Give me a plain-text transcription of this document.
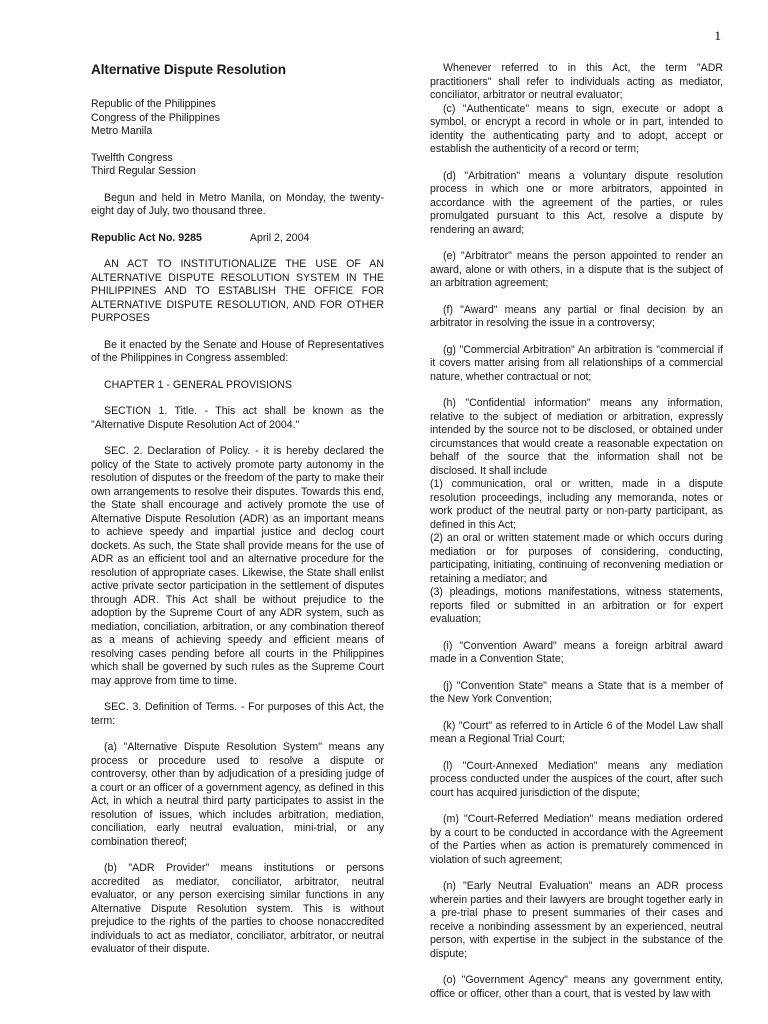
1
Alternative Dispute Resolution
Republic of the Philippines
Congress of the Philippines
Metro Manila
Twelfth Congress
Third Regular Session

Begun and held in Metro Manila, on Monday, the twenty-eight day of July, two thousand three.

Republic Act No. 9285	April 2, 2004

AN ACT TO INSTITUTIONALIZE THE USE OF AN ALTERNATIVE DISPUTE RESOLUTION SYSTEM IN THE PHILIPPINES AND TO ESTABLISH THE OFFICE FOR ALTERNATIVE DISPUTE RESOLUTION, AND FOR OTHER PURPOSES

Be it enacted by the Senate and House of Representatives of the Philippines in Congress assembled:

CHAPTER 1 - GENERAL PROVISIONS

SECTION 1. Title. - This act shall be known as the "Alternative Dispute Resolution Act of 2004."

SEC. 2. Declaration of Policy. - it is hereby declared the policy of the State to actively promote party autonomy in the resolution of disputes or the freedom of the party to make their own arrangements to resolve their disputes. Towards this end, the State shall encourage and actively promote the use of Alternative Dispute Resolution (ADR) as an important means to achieve speedy and impartial justice and declog court dockets. As such, the State shall provide means for the use of ADR as an efficient tool and an alternative procedure for the resolution of appropriate cases. Likewise, the State shall enlist active private sector participation in the settlement of disputes through ADR. This Act shall be without prejudice to the adoption by the Supreme Court of any ADR system, such as mediation, conciliation, arbitration, or any combination thereof as a means of achieving speedy and efficient means of resolving cases pending before all courts in the Philippines which shall be governed by such rules as the Supreme Court may approve from time to time.

SEC. 3. Definition of Terms. - For purposes of this Act, the term:

(a) "Alternative Dispute Resolution System" means any process or procedure used to resolve a dispute or controversy, other than by adjudication of a presiding judge of a court or an officer of a government agency, as defined in this Act, in which a neutral third party participates to assist in the resolution of issues, which includes arbitration, mediation, conciliation, early neutral evaluation, mini-trial, or any combination thereof;

(b) "ADR Provider" means institutions or persons accredited as mediator, conciliator, arbitrator, neutral evaluator, or any person exercising similar functions in any Alternative Dispute Resolution system. This is without prejudice to the rights of the parties to choose nonaccredited individuals to act as mediator, conciliator, arbitrator, or neutral evaluator of their dispute.

Whenever referred to in this Act, the term "ADR practitioners" shall refer to individuals acting as mediator, conciliator, arbitrator or neutral evaluator;

(c) "Authenticate" means to sign, execute or adopt a symbol, or encrypt a record in whole or in part, intended to identity the authenticating party and to adopt, accept or establish the authenticity of a record or term;

(d) "Arbitration" means a voluntary dispute resolution process in which one or more arbitrators, appointed in accordance with the agreement of the parties, or rules promulgated pursuant to this Act, resolve a dispute by rendering an award;

(e) "Arbitrator" means the person appointed to render an award, alone or with others, in a dispute that is the subject of an arbitration agreement;

(f) "Award" means any partial or final decision by an arbitrator in resolving the issue in a controversy;

(g) "Commercial Arbitration" An arbitration is "commercial if it covers matter arising from all relationships of a commercial nature, whether contractual or not;

(h) "Confidential information" means any information, relative to the subject of mediation or arbitration, expressly intended by the source not to be disclosed, or obtained under circumstances that would create a reasonable expectation on behalf of the source that the information shall not be disclosed. It shall include

(1) communication, oral or written, made in a dispute resolution proceedings, including any memoranda, notes or work product of the neutral party or non-party participant, as defined in this Act;

(2) an oral or written statement made or which occurs during mediation or for purposes of considering, conducting, participating, initiating, continuing of reconvening mediation or retaining a mediator; and

(3) pleadings, motions manifestations, witness statements, reports filed or submitted in an arbitration or for expert evaluation;

(i) "Convention Award" means a foreign arbitral award made in a Convention State;

(j) "Convention State" means a State that is a member of the New York Convention;

(k) "Court" as referred to in Article 6 of the Model Law shall mean a Regional Trial Court;

(l) "Court-Annexed Mediation" means any mediation process conducted under the auspices of the court, after such court has acquired jurisdiction of the dispute;

(m) "Court-Referred Mediation" means mediation ordered by a court to be conducted in accordance with the Agreement of the Parties when as action is prematurely commenced in violation of such agreement;

(n) "Early Neutral Evaluation" means an ADR process wherein parties and their lawyers are brought together early in a pre-trial phase to present summaries of their cases and receive a nonbinding assessment by an experienced, neutral person, with expertise in the subject in the substance of the dispute;

(o) "Government Agency" means any government entity, office or officer, other than a court, that is vested by law with
